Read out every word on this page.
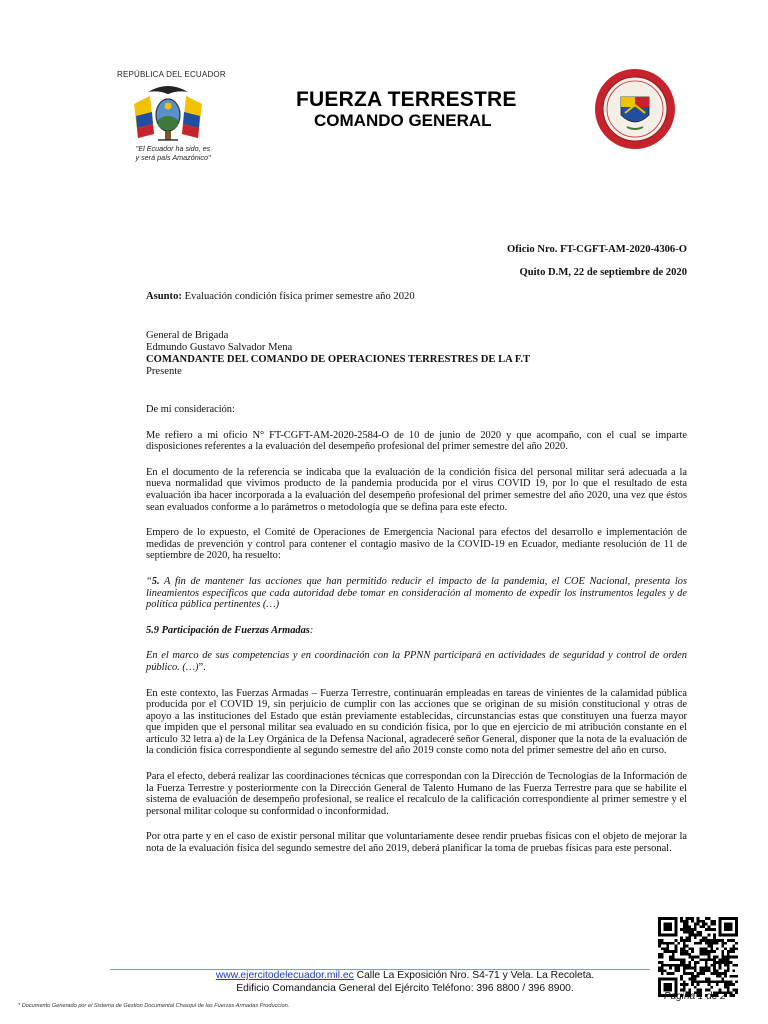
REPÚBLICA DEL ECUADOR
"El Ecuador ha sido, es
y será país Amazónico"
FUERZA TERRESTRE
COMANDO GENERAL
Oficio Nro. FT-CGFT-AM-2020-4306-O
Quito D.M, 22 de septiembre de 2020
Asunto: Evaluación condición física primer semestre año 2020
General de Brigada
Edmundo Gustavo Salvador Mena
COMANDANTE DEL COMANDO DE OPERACIONES TERRESTRES DE LA F.T
Presente

De mi consideración:

Me refiero a mi oficio N° FT-CGFT-AM-2020-2584-O de 10 de junio de 2020 y que acompaño, con el cual se imparte disposiciones referentes a la evaluación del desempeño profesional del primer semestre del año 2020.

En el documento de la referencia se indicaba que la evaluación de la condición física del personal militar será adecuada a la nueva normalidad que vivimos producto de la pandemia producida por el virus COVID 19, por lo que el resultado de esta evaluación iba hacer incorporada a la evaluación del desempeño profesional del primer semestre del año 2020, una vez que éstos sean evaluados conforme a lo parámetros o metodología que se defina para este efecto.

Empero de lo expuesto, el Comité de Operaciones de Emergencia Nacional para efectos del desarrollo e implementación de medidas de prevención y control para contener el contagio masivo de la COVID-19 en Ecuador, mediante resolución de 11 de septiembre de 2020, ha resuelto:

“5. A fin de mantener las acciones que han permitido reducir el impacto de la pandemia, el COE Nacional, presenta los lineamientos específicos que cada autoridad debe tomar en consideración al momento de expedir los instrumentos legales y de política pública pertinentes (…)

5.9 Participación de Fuerzas Armadas:

En el marco de sus competencias y en coordinación con la PPNN participará en actividades de seguridad y control de orden público. (…)”.

En este contexto, las Fuerzas Armadas – Fuerza Terrestre, continuarán empleadas en tareas de vinientes de la calamidad pública producida por el COVID 19, sin perjuicio de cumplir con las acciones que se originan de su misión constitucional y otras de apoyo a las instituciones del Estado que están previamente establecidas, circunstancias estas que constituyen una fuerza mayor que impiden que el personal militar sea evaluado en su condición física, por lo que en ejercicio de mi atribución constante en el artículo 32 letra a) de la Ley Orgánica de la Defensa Nacional, agradeceré señor General, disponer que la nota de la evaluación de la condición física correspondiente al segundo semestre del año 2019 conste como nota del primer semestre del año en curso.

Para el efecto, deberá realizar las coordinaciones técnicas que correspondan con la Dirección de Tecnologías de la Información de la Fuerza Terrestre y posteriormente con la Dirección General de Talento Humano de las Fuerza Terrestre para que se habilite el sistema de evaluación de desempeño profesional, se realice el recalculo de la calificación correspondiente al primer semestre y el personal militar coloque su conformidad o inconformidad.

Por otra parte y en el caso de existir personal militar que voluntariamente desee rendir pruebas físicas con el objeto de mejorar la nota de la evaluación física del segundo semestre del año 2019, deberá planificar la toma de pruebas físicas para este personal.

www.ejercitodelecuador.mil.ec Calle La Exposición Nro. S4-71 y Vela. La Recoleta.
Edificio Comandancia General del Ejército Teléfono: 396 8800 / 396 8900.
Pagina 1 de 2
* Documento Generado por el Sistema de Gestion Documental Chasqui de las Fuerzas Armadas Produccion.
